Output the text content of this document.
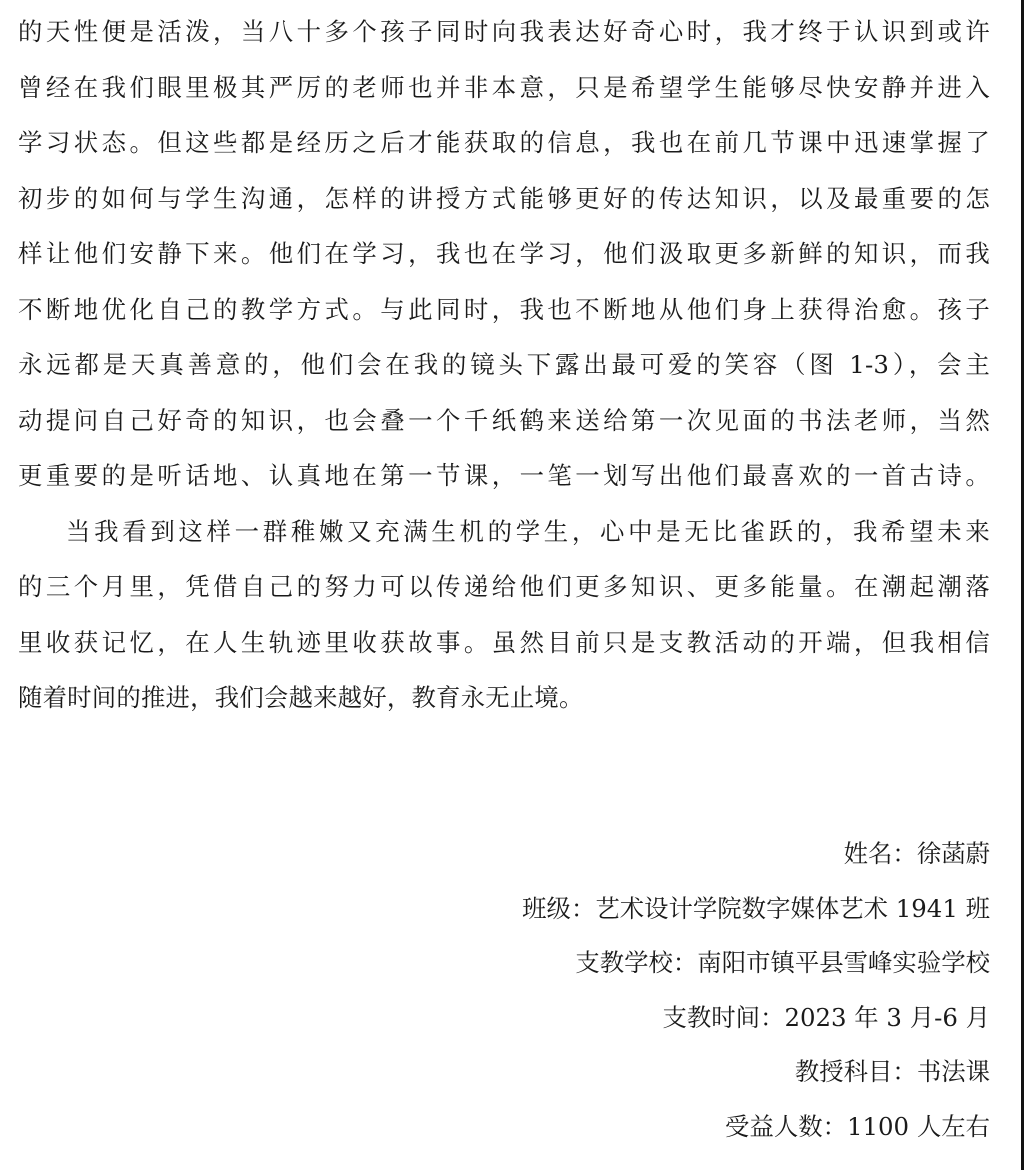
的天性便是活泼，当八十多个孩子同时向我表达好奇心时，我才终于认识到或许
曾经在我们眼里极其严厉的老师也并非本意，只是希望学生能够尽快安静并进入
学习状态。但这些都是经历之后才能获取的信息，我也在前几节课中迅速掌握了
初步的如何与学生沟通，怎样的讲授方式能够更好的传达知识，以及最重要的怎
样让他们安静下来。他们在学习，我也在学习，他们汲取更多新鲜的知识，而我
不断地优化自己的教学方式。与此同时，我也不断地从他们身上获得治愈。孩子
永远都是天真善意的，他们会在我的镜头下露出最可爱的笑容（图 1-3），会主
动提问自己好奇的知识，也会叠一个千纸鹤来送给第一次见面的书法老师，当然
更重要的是听话地、认真地在第一节课，一笔一划写出他们最喜欢的一首古诗。
当我看到这样一群稚嫩又充满生机的学生，心中是无比雀跃的，我希望未来
的三个月里，凭借自己的努力可以传递给他们更多知识、更多能量。在潮起潮落
里收获记忆，在人生轨迹里收获故事。虽然目前只是支教活动的开端，但我相信
随着时间的推进，我们会越来越好，教育永无止境。
姓名：徐菡蔚
班级：艺术设计学院数字媒体艺术 1941 班
支教学校：南阳市镇平县雪峰实验学校
支教时间：2023 年 3 月-6 月
教授科目：书法课
受益人数：1100 人左右
